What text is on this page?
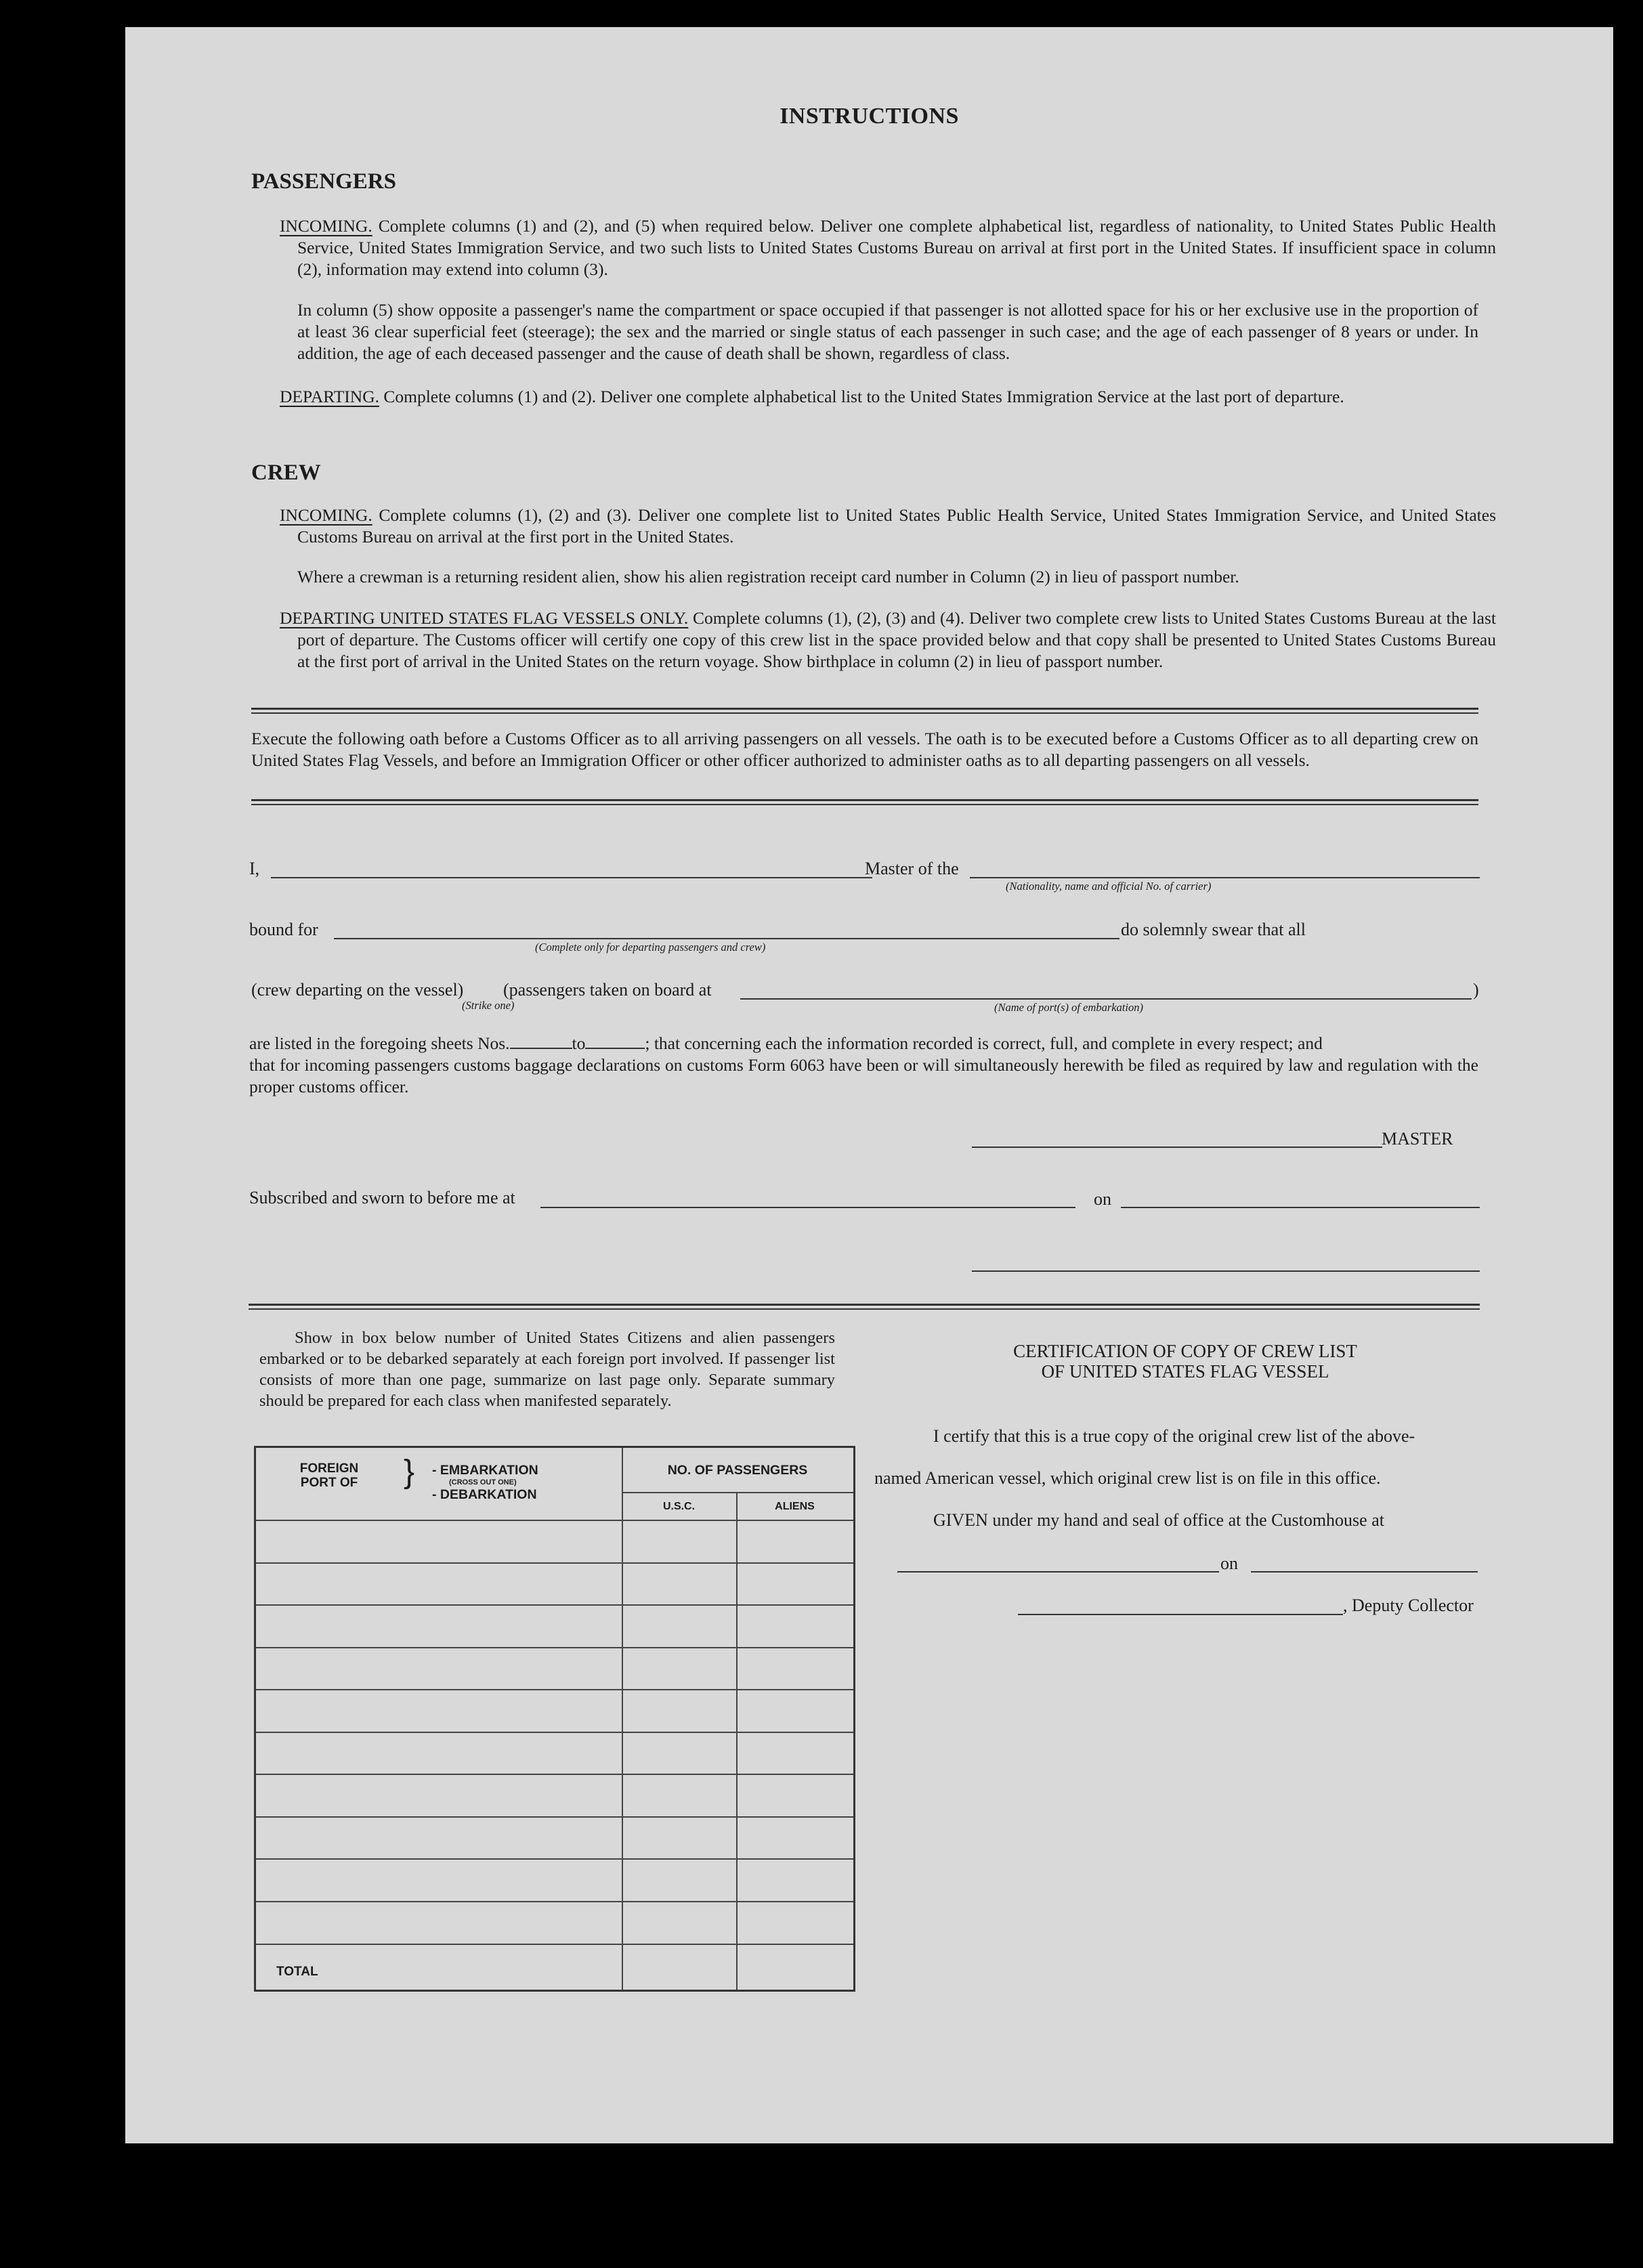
INSTRUCTIONS
PASSENGERS
INCOMING. Complete columns (1) and (2), and (5) when required below. Deliver one complete alphabetical list, regardless of nationality, to United States Public Health Service, United States Immigration Service, and two such lists to United States Customs Bureau on arrival at first port in the United States. If insufficient space in column (2), information may extend into column (3).
In column (5) show opposite a passenger's name the compartment or space occupied if that passenger is not allotted space for his or her exclusive use in the proportion of at least 36 clear superficial feet (steerage); the sex and the married or single status of each passenger in such case; and the age of each passenger of 8 years or under. In addition, the age of each deceased passenger and the cause of death shall be shown, regardless of class.
DEPARTING. Complete columns (1) and (2). Deliver one complete alphabetical list to the United States Immigration Service at the last port of departure.
CREW
INCOMING. Complete columns (1), (2) and (3). Deliver one complete list to United States Public Health Service, United States Immigration Service, and United States Customs Bureau on arrival at the first port in the United States.
Where a crewman is a returning resident alien, show his alien registration receipt card number in Column (2) in lieu of passport number.
DEPARTING UNITED STATES FLAG VESSELS ONLY. Complete columns (1), (2), (3) and (4). Deliver two complete crew lists to United States Customs Bureau at the last port of departure. The Customs officer will certify one copy of this crew list in the space provided below and that copy shall be presented to United States Customs Bureau at the first port of arrival in the United States on the return voyage. Show birthplace in column (2) in lieu of passport number.
Execute the following oath before a Customs Officer as to all arriving passengers on all vessels. The oath is to be executed before a Customs Officer as to all departing crew on United States Flag Vessels, and before an Immigration Officer or other officer authorized to administer oaths as to all departing passengers on all vessels.
I,	Master of the
(Nationality, name and official No. of carrier)
bound for
(Complete only for departing passengers and crew)
do solemnly swear that all
(crew departing on the vessel)
(Strike one)
(passengers taken on board at
(Name of port(s) of embarkation)
)
are listed in the foregoing sheets Nos.	to	; that concerning each the information recorded is correct, full, and complete in every respect; and
that for incoming passengers customs baggage declarations on customs Form 6063 have been or will simultaneously herewith be filed as required by law and regulation with the proper customs officer.
MASTER
Subscribed and sworn to before me at	on
Show in box below number of United States Citizens and alien passengers embarked or to be debarked separately at each foreign port involved. If passenger list consists of more than one page, summarize on last page only. Separate summary should be prepared for each class when manifested separately.
FOREIGN PORT OF	} - EMBARKATION
(CROSS OUT ONE)
- DEBARKATION
NO. OF PASSENGERS
U.S.C.	ALIENS
TOTAL
CERTIFICATION OF COPY OF CREW LIST
OF UNITED STATES FLAG VESSEL
I certify that this is a true copy of the original crew list of the above-
named American vessel, which original crew list is on file in this office.
GIVEN under my hand and seal of office at the Customhouse at
on
, Deputy Collector
